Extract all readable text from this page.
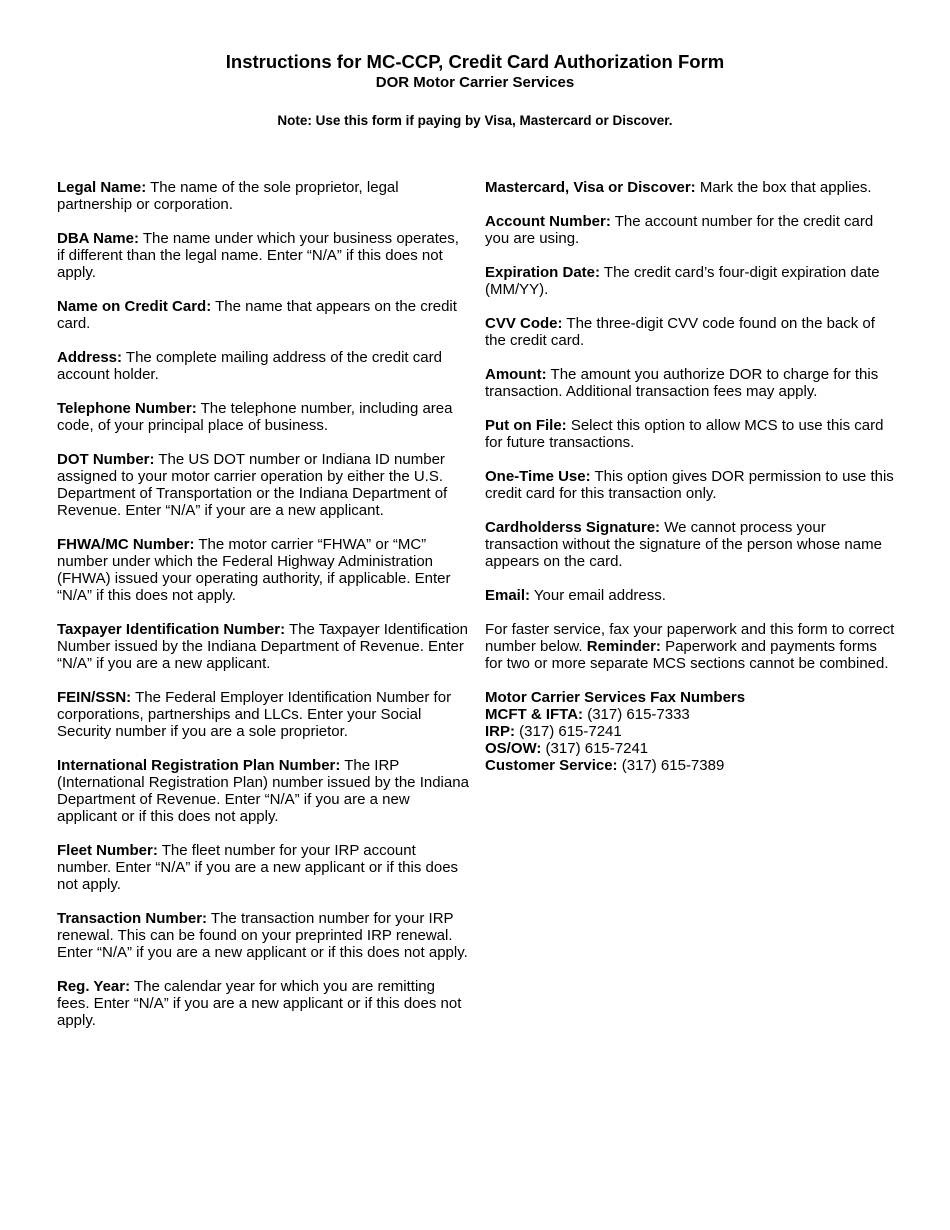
Instructions for MC-CCP, Credit Card Authorization Form
DOR Motor Carrier Services
Note: Use this form if paying by Visa, Mastercard or Discover.

Legal Name: The name of the sole proprietor, legal partnership or corporation.

DBA Name: The name under which your business operates, if different than the legal name. Enter “N/A” if this does not apply.

Name on Credit Card: The name that appears on the credit card.

Address: The complete mailing address of the credit card account holder.

Telephone Number: The telephone number, including area code, of your principal place of business.

DOT Number: The US DOT number or Indiana ID number assigned to your motor carrier operation by either the U.S. Department of Transportation or the Indiana Department of Revenue. Enter “N/A” if your are a new applicant.

FHWA/MC Number: The motor carrier “FHWA” or “MC” number under which the Federal Highway Administration (FHWA) issued your operating authority, if applicable. Enter “N/A” if this does not apply.

Taxpayer Identification Number: The Taxpayer Identification Number issued by the Indiana Department of Revenue. Enter “N/A” if you are a new applicant.

FEIN/SSN: The Federal Employer Identification Number for corporations, partnerships and LLCs. Enter your Social Security number if you are a sole proprietor.

International Registration Plan Number: The IRP (International Registration Plan) number issued by the Indiana Department of Revenue. Enter “N/A” if you are a new applicant or if this does not apply.

Fleet Number: The fleet number for your IRP account number. Enter “N/A” if you are a new applicant or if this does not apply.

Transaction Number: The transaction number for your IRP renewal. This can be found on your preprinted IRP renewal. Enter “N/A” if you are a new applicant or if this does not apply.

Reg. Year: The calendar year for which you are remitting fees. Enter “N/A” if you are a new applicant or if this does not apply.

Mastercard, Visa or Discover: Mark the box that applies.

Account Number: The account number for the credit card you are using.

Expiration Date: The credit card’s four-digit expiration date (MM/YY).

CVV Code: The three-digit CVV code found on the back of the credit card.

Amount: The amount you authorize DOR to charge for this transaction. Additional transaction fees may apply.

Put on File: Select this option to allow MCS to use this card for future transactions.

One-Time Use: This option gives DOR permission to use this credit card for this transaction only.

Cardholderss Signature: We cannot process your transaction without the signature of the person whose name appears on the card.

Email: Your email address.

For faster service, fax your paperwork and this form to correct number below. Reminder: Paperwork and payments forms for two or more separate MCS sections cannot be combined.

Motor Carrier Services Fax Numbers
MCFT & IFTA: (317) 615-7333
IRP: (317) 615-7241
OS/OW: (317) 615-7241
Customer Service: (317) 615-7389
